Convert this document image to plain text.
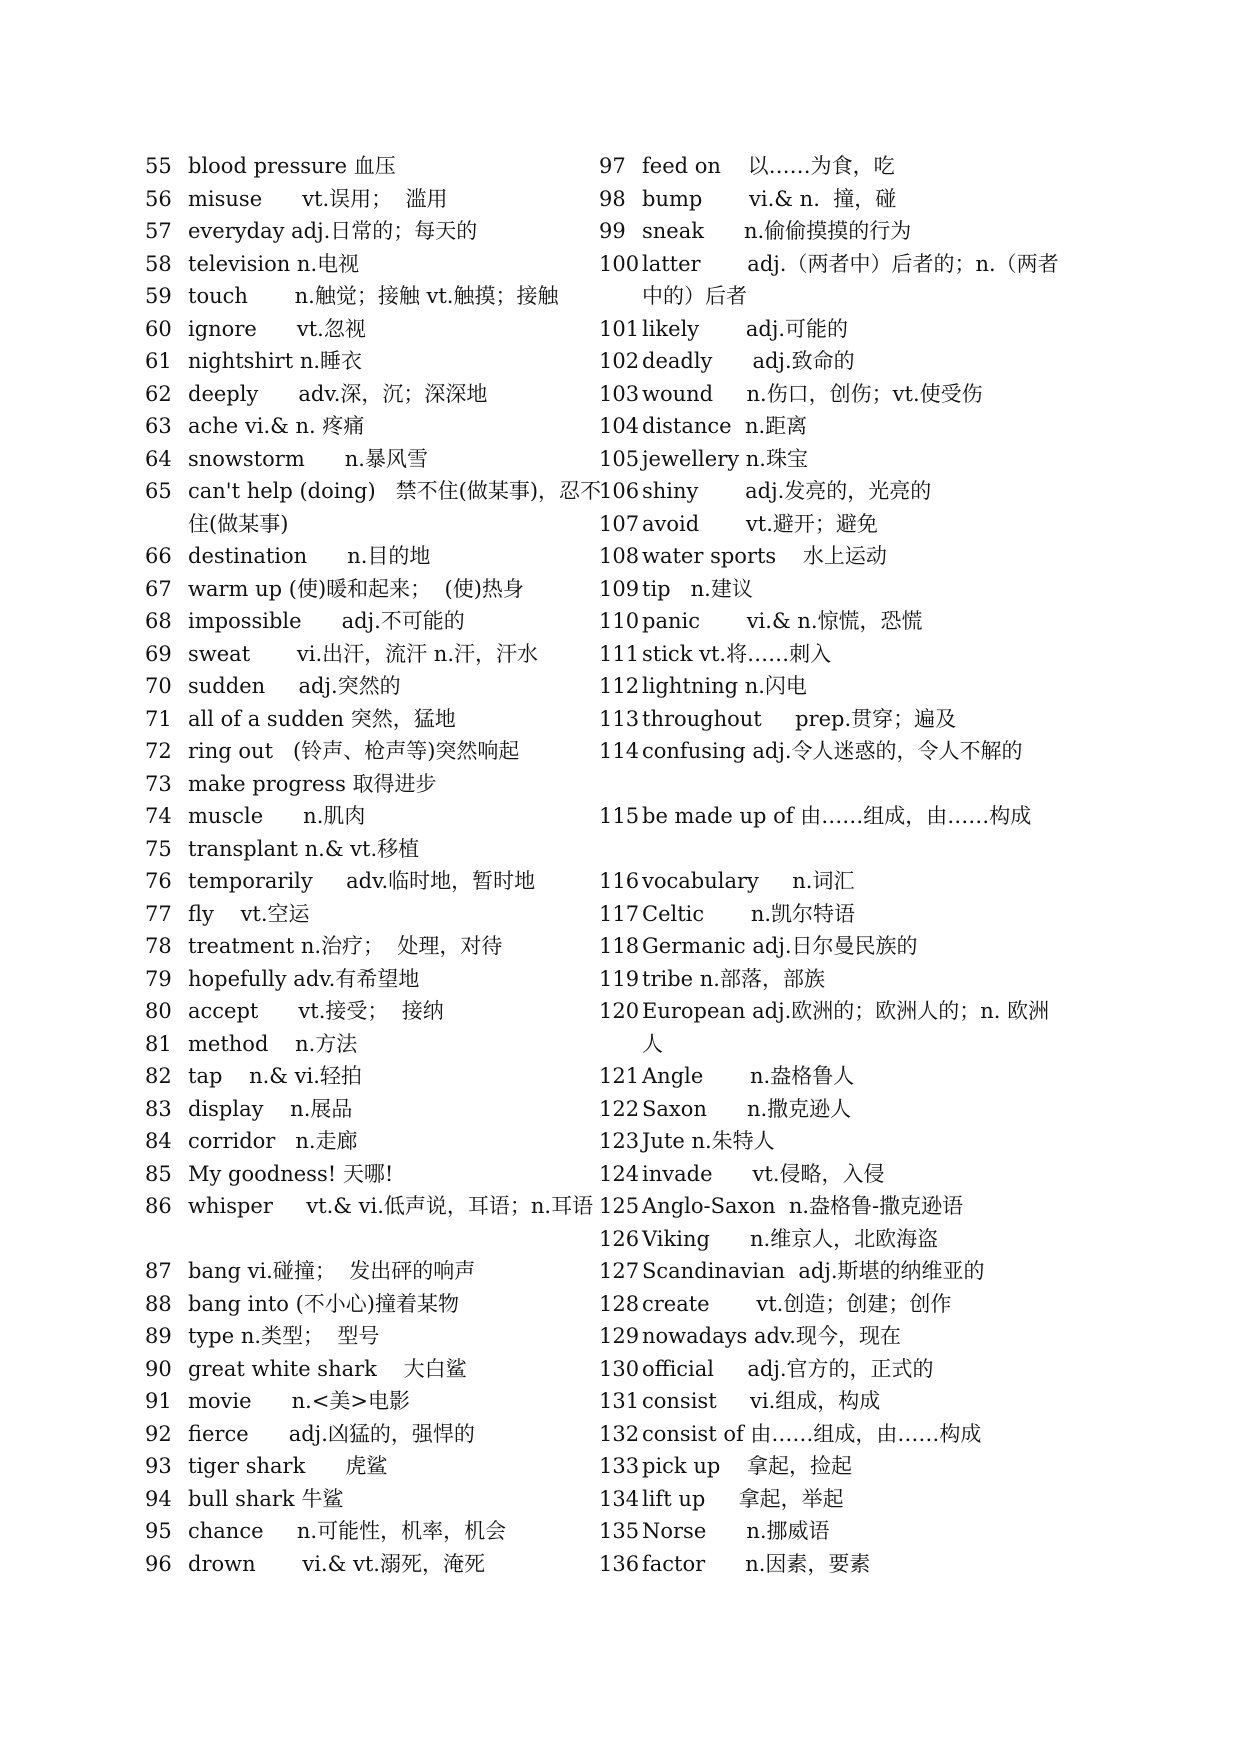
55 blood pressure 血压
56 misuse      vt.误用；  滥用
57 everyday adj.日常的；每天的
58 television n.电视
59 touch       n.触觉；接触 vt.触摸；接触
60 ignore      vt.忽视
61 nightshirt n.睡衣
62 deeply      adv.深，沉；深深地
63 ache vi.& n. 疼痛
64 snowstorm      n.暴风雪
65 can't help (doing)   禁不住(做某事)，忍不住(做某事)
66 destination      n.目的地
67 warm up (使)暖和起来；  (使)热身
68 impossible      adj.不可能的
69 sweat       vi.出汗，流汗 n.汗，汗水
70 sudden     adj.突然的
71 all of a sudden 突然，猛地
72 ring out   (铃声、枪声等)突然响起
73 make progress 取得进步
74 muscle      n.肌肉
75 transplant n.& vt.移植
76 temporarily     adv.临时地，暂时地
77 fly    vt.空运
78 treatment n.治疗；  处理，对待
79 hopefully adv.有希望地
80 accept      vt.接受；  接纳
81 method    n.方法
82 tap    n.& vi.轻拍
83 display    n.展品
84 corridor   n.走廊
85 My goodness! 天哪!
86 whisper     vt.& vi.低声说，耳语；n.耳语
87 bang vi.碰撞；  发出砰的响声
88 bang into (不小心)撞着某物
89 type n.类型；  型号
90 great white shark    大白鲨
91 movie      n.<美>电影
92 fierce      adj.凶猛的，强悍的
93 tiger shark      虎鲨
94 bull shark 牛鲨
95 chance     n.可能性，机率，机会
96 drown       vi.& vt.溺死，淹死
97 feed on    以……为食，吃
98 bump       vi.& n.  撞，碰
99 sneak      n.偷偷摸摸的行为
100 latter       adj.（两者中）后者的；n.（两者中的）后者
101 likely       adj.可能的
102 deadly      adj.致命的
103 wound     n.伤口，创伤；vt.使受伤
104 distance  n.距离
105 jewellery n.珠宝
106 shiny       adj.发亮的，光亮的
107 avoid       vt.避开；避免
108 water sports    水上运动
109 tip   n.建议
110 panic       vi.& n.惊慌，恐慌
111 stick vt.将……刺入
112 lightning n.闪电
113 throughout     prep.贯穿；遍及
114 confusing adj.令人迷惑的，令人不解的
115 be made up of 由……组成，由……构成
116 vocabulary     n.词汇
117 Celtic       n.凯尔特语
118 Germanic adj.日尔曼民族的
119 tribe n.部落，部族
120 European adj.欧洲的；欧洲人的；n. 欧洲人
121 Angle       n.盎格鲁人
122 Saxon      n.撒克逊人
123 Jute n.朱特人
124 invade      vt.侵略，入侵
125 Anglo-Saxon  n.盎格鲁-撒克逊语
126 Viking      n.维京人，北欧海盗
127 Scandinavian  adj.斯堪的纳维亚的
128 create       vt.创造；创建；创作
129 nowadays adv.现今，现在
130 official     adj.官方的，正式的
131 consist     vi.组成，构成
132 consist of 由……组成，由……构成
133 pick up    拿起，捡起
134 lift up     拿起，举起
135 Norse      n.挪威语
136 factor      n.因素，要素
